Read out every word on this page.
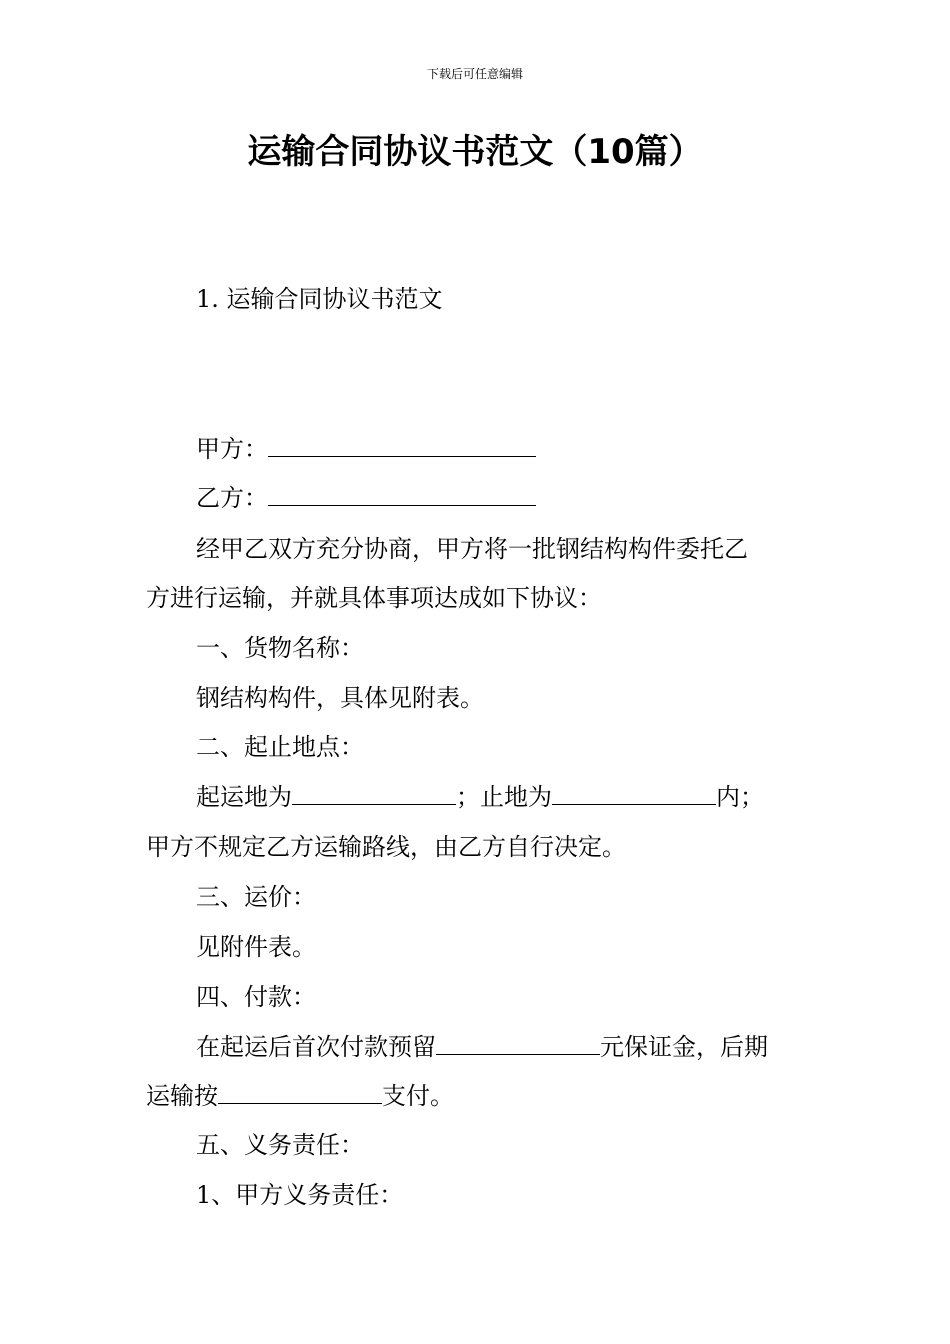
下载后可任意编辑
运输合同协议书范文（10篇）
1. 运输合同协议书范文
甲方：
乙方：
经甲乙双方充分协商，甲方将一批钢结构构件委托乙
方进行运输，并就具体事项达成如下协议：
一、货物名称：
钢结构构件，具体见附表。
二、起止地点：
起运地为	；止地为	内；
甲方不规定乙方运输路线，由乙方自行决定。
三、运价：
见附件表。
四、付款：
在起运后首次付款预留	元保证金，后期
运输按	支付。
五、义务责任：
1、甲方义务责任：
